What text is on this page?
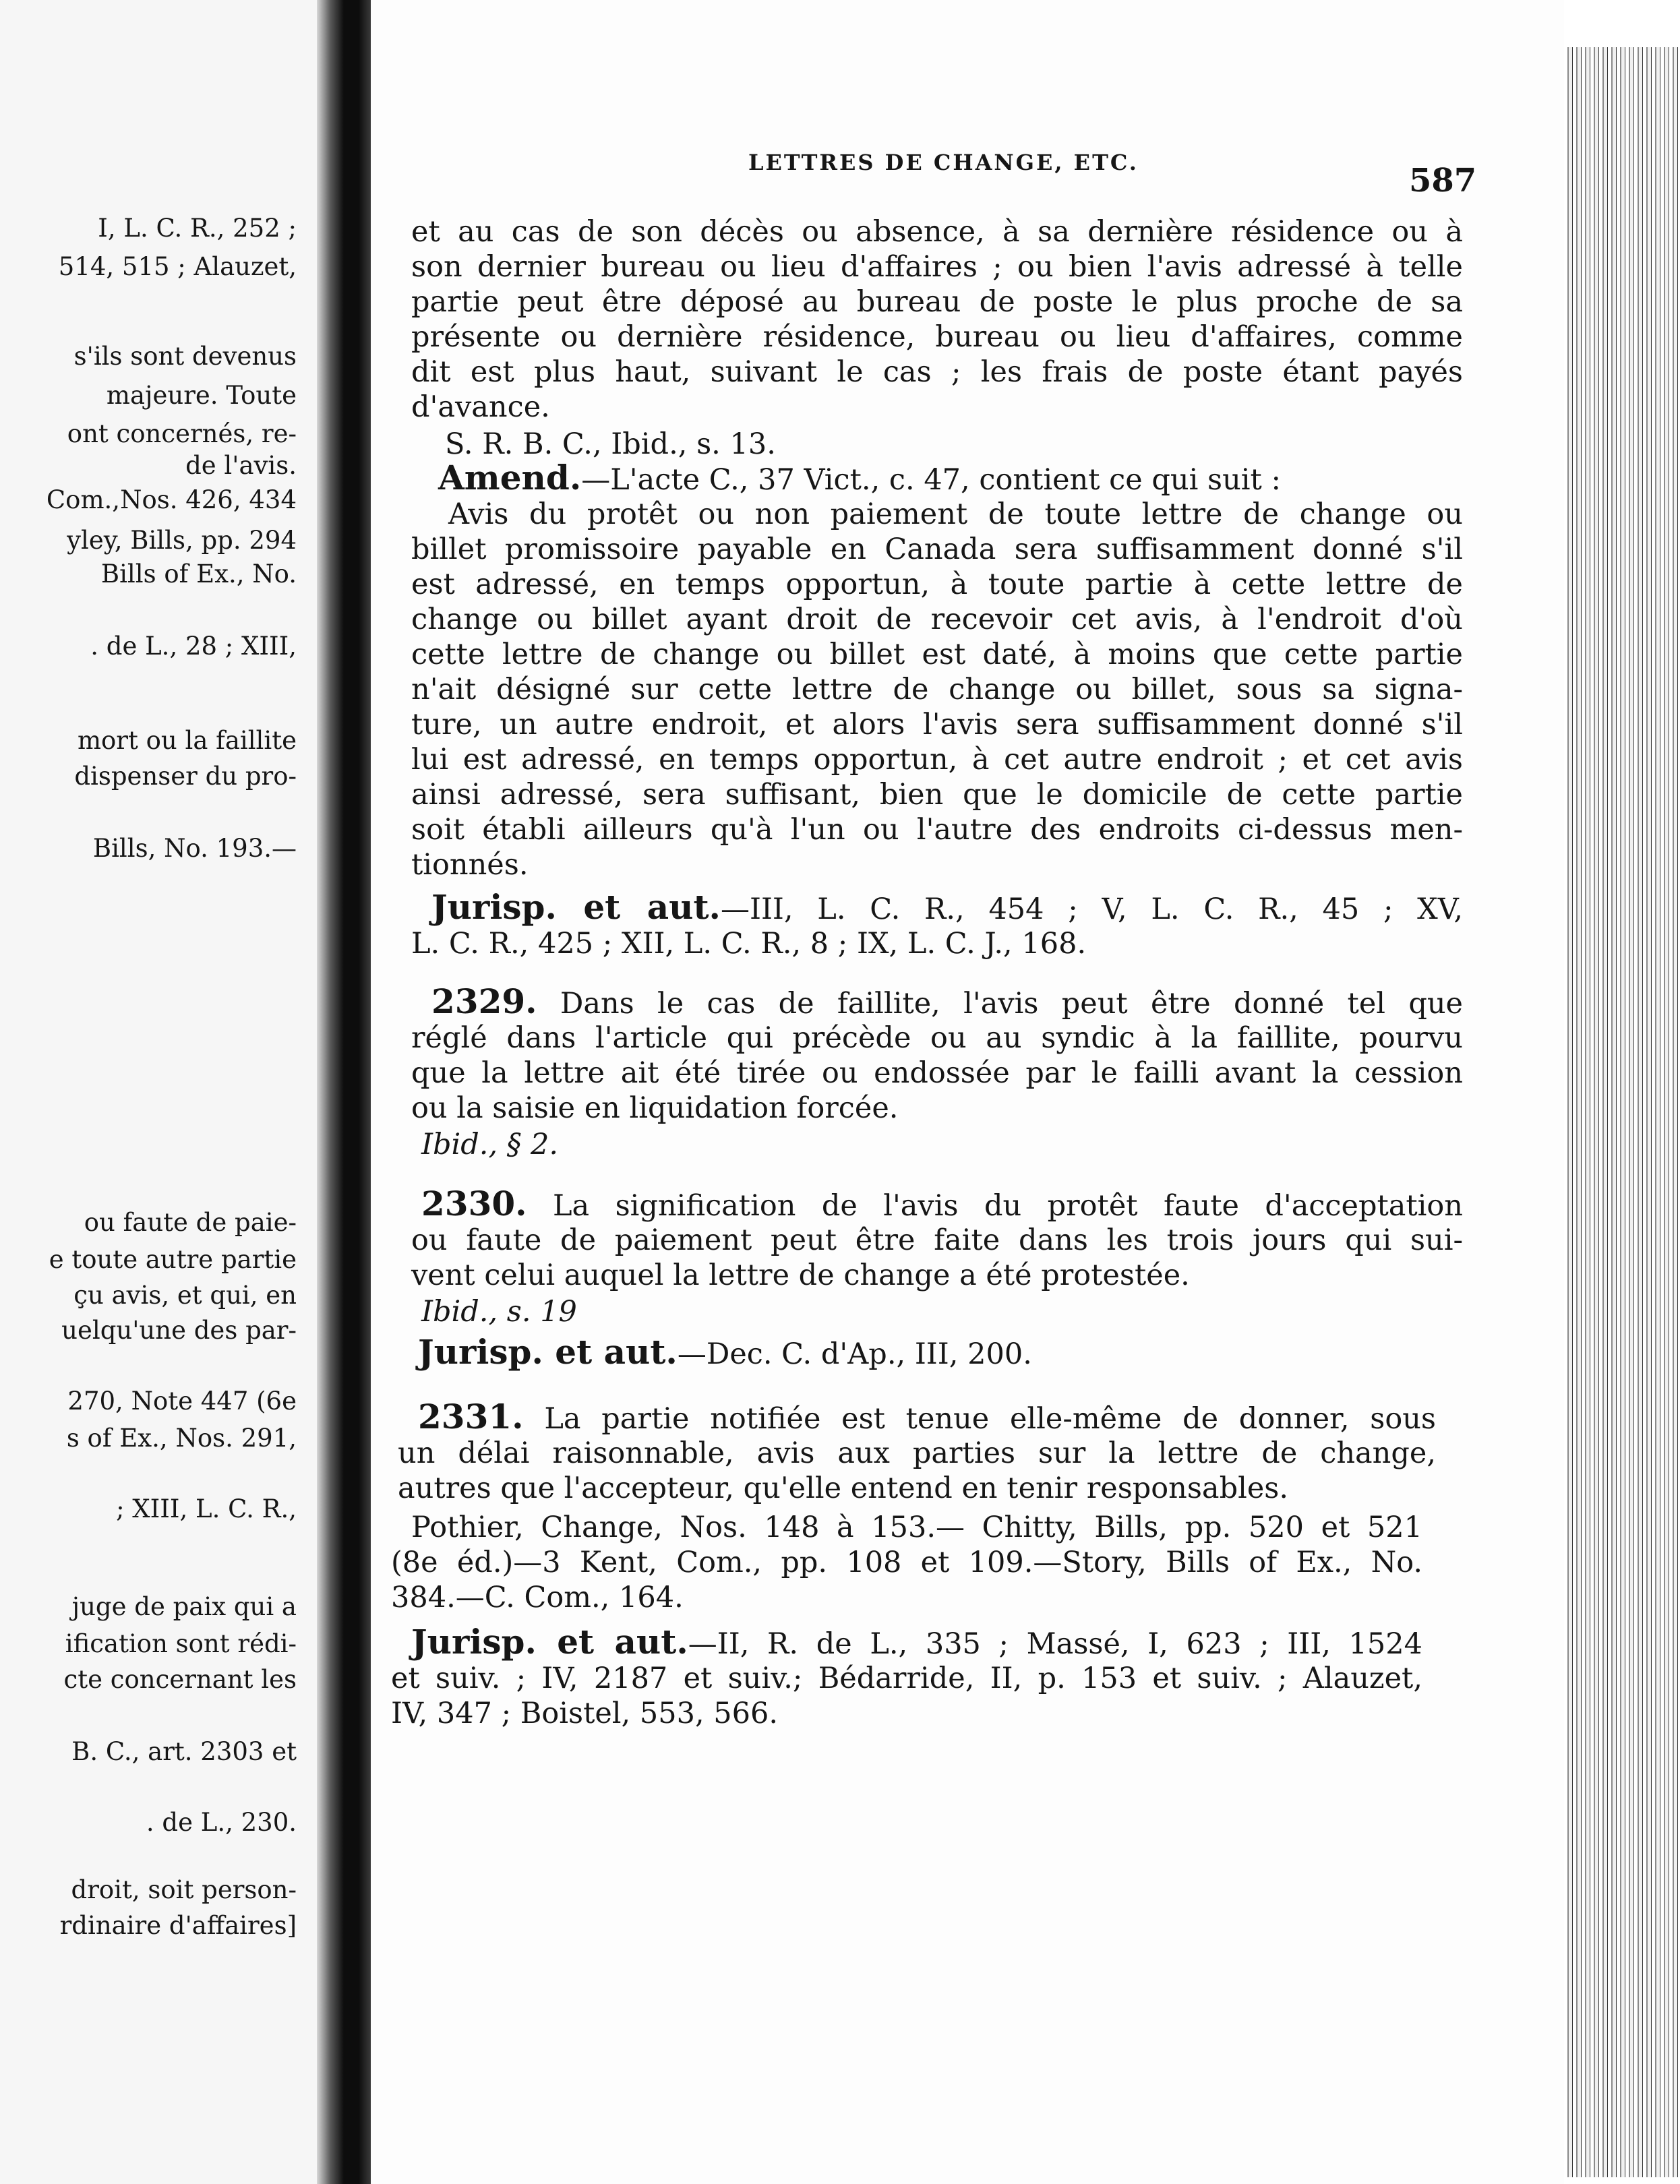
I, L. C. R., 252 ;
514, 515 ; Alauzet,
s'ils sont devenus
majeure. Toute
ont concernés, re-
de l'avis.
Com.,Nos. 426, 434
yley, Bills, pp. 294
Bills of Ex., No.
. de L., 28 ; XIII,
mort ou la faillite
dispenser du pro-
Bills, No. 193.—
ou faute de paie-
e toute autre partie
çu avis, et qui, en
uelqu'une des par-
270, Note 447 (6e
s of Ex., Nos. 291,
; XIII, L. C. R.,
juge de paix qui a
ification sont rédi-
cte concernant les
B. C., art. 2303 et
. de L., 230.
droit, soit person-
rdinaire d'affaires]
LETTRES DE CHANGE, ETC.	587
et au cas de son décès ou absence, à sa dernière résidence ou à
son dernier bureau ou lieu d'affaires ; ou bien l'avis adressé à telle
partie peut être déposé au bureau de poste le plus proche de sa
présente ou dernière résidence, bureau ou lieu d'affaires, comme
dit est plus haut, suivant le cas ; les frais de poste étant payés
d'avance.
S. R. B. C., Ibid., s. 13.
Amend.—L'acte C., 37 Vict., c. 47, contient ce qui suit :
Avis du protêt ou non paiement de toute lettre de change ou
billet promissoire payable en Canada sera suffisamment donné s'il
est adressé, en temps opportun, à toute partie à cette lettre de
change ou billet ayant droit de recevoir cet avis, à l'endroit d'où
cette lettre de change ou billet est daté, à moins que cette partie
n'ait désigné sur cette lettre de change ou billet, sous sa signa-
ture, un autre endroit, et alors l'avis sera suffisamment donné s'il
lui est adressé, en temps opportun, à cet autre endroit ; et cet avis
ainsi adressé, sera suffisant, bien que le domicile de cette partie
soit établi ailleurs qu'à l'un ou l'autre des endroits ci-dessus men-
tionnés.
Jurisp. et aut.—III, L. C. R., 454 ; V, L. C. R., 45 ; XV,
L. C. R., 425 ; XII, L. C. R., 8 ; IX, L. C. J., 168.
2329. Dans le cas de faillite, l'avis peut être donné tel que
réglé dans l'article qui précède ou au syndic à la faillite, pourvu
que la lettre ait été tirée ou endossée par le failli avant la cession
ou la saisie en liquidation forcée.
Ibid., § 2.
2330. La signification de l'avis du protêt faute d'acceptation
ou faute de paiement peut être faite dans les trois jours qui sui-
vent celui auquel la lettre de change a été protestée.
Ibid., s. 19
Jurisp. et aut.—Dec. C. d'Ap., III, 200.
2331. La partie notifiée est tenue elle-même de donner, sous
un délai raisonnable, avis aux parties sur la lettre de change,
autres que l'accepteur, qu'elle entend en tenir responsables.
Pothier, Change, Nos. 148 à 153.— Chitty, Bills, pp. 520 et 521
(8e éd.)—3 Kent, Com., pp. 108 et 109.—Story, Bills of Ex., No.
384.—C. Com., 164.
Jurisp. et aut.—II, R. de L., 335 ; Massé, I, 623 ; III, 1524
et suiv. ; IV, 2187 et suiv.; Bédarride, II, p. 153 et suiv. ; Alauzet,
IV, 347 ; Boistel, 553, 566.
